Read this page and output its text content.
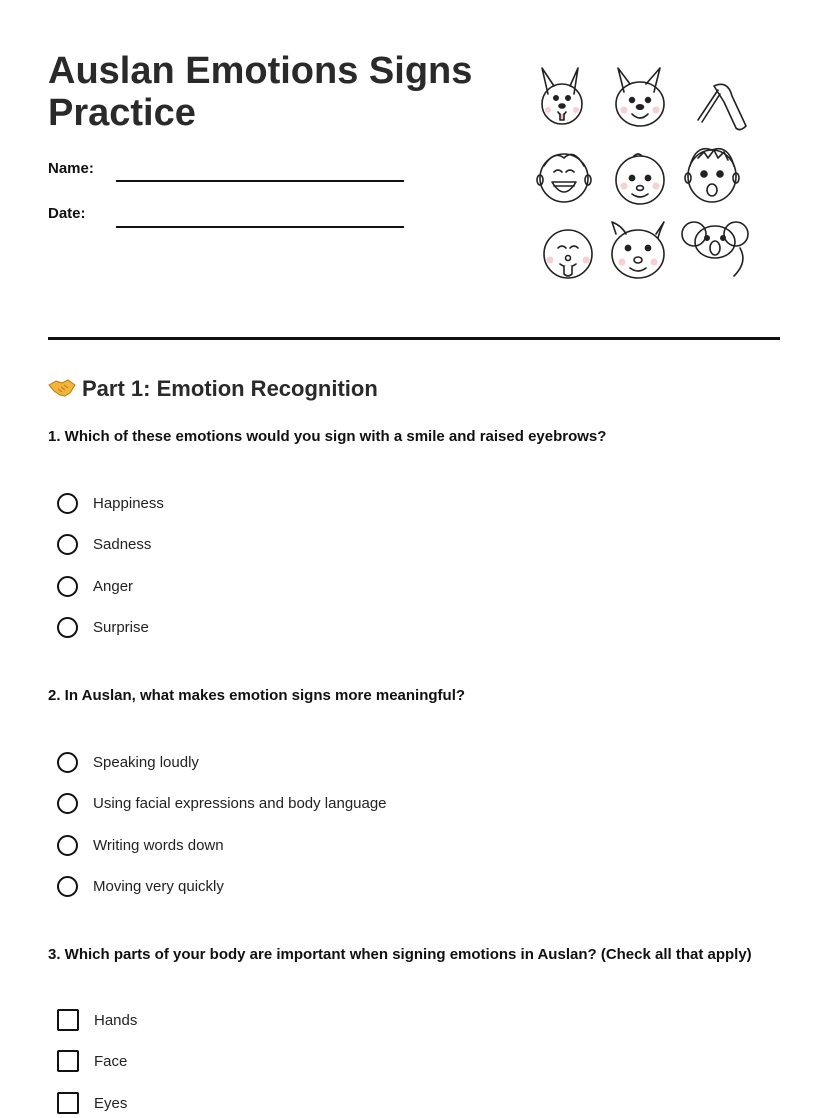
Auslan Emotions Signs Practice
Name:
Date:
Part 1: Emotion Recognition

1. Which of these emotions would you sign with a smile and raised eyebrows?

Happiness
Sadness
Anger
Surprise

2. In Auslan, what makes emotion signs more meaningful?

Speaking loudly
Using facial expressions and body language
Writing words down
Moving very quickly

3. Which parts of your body are important when signing emotions in Auslan? (Check all that apply)

Hands
Face
Eyes
